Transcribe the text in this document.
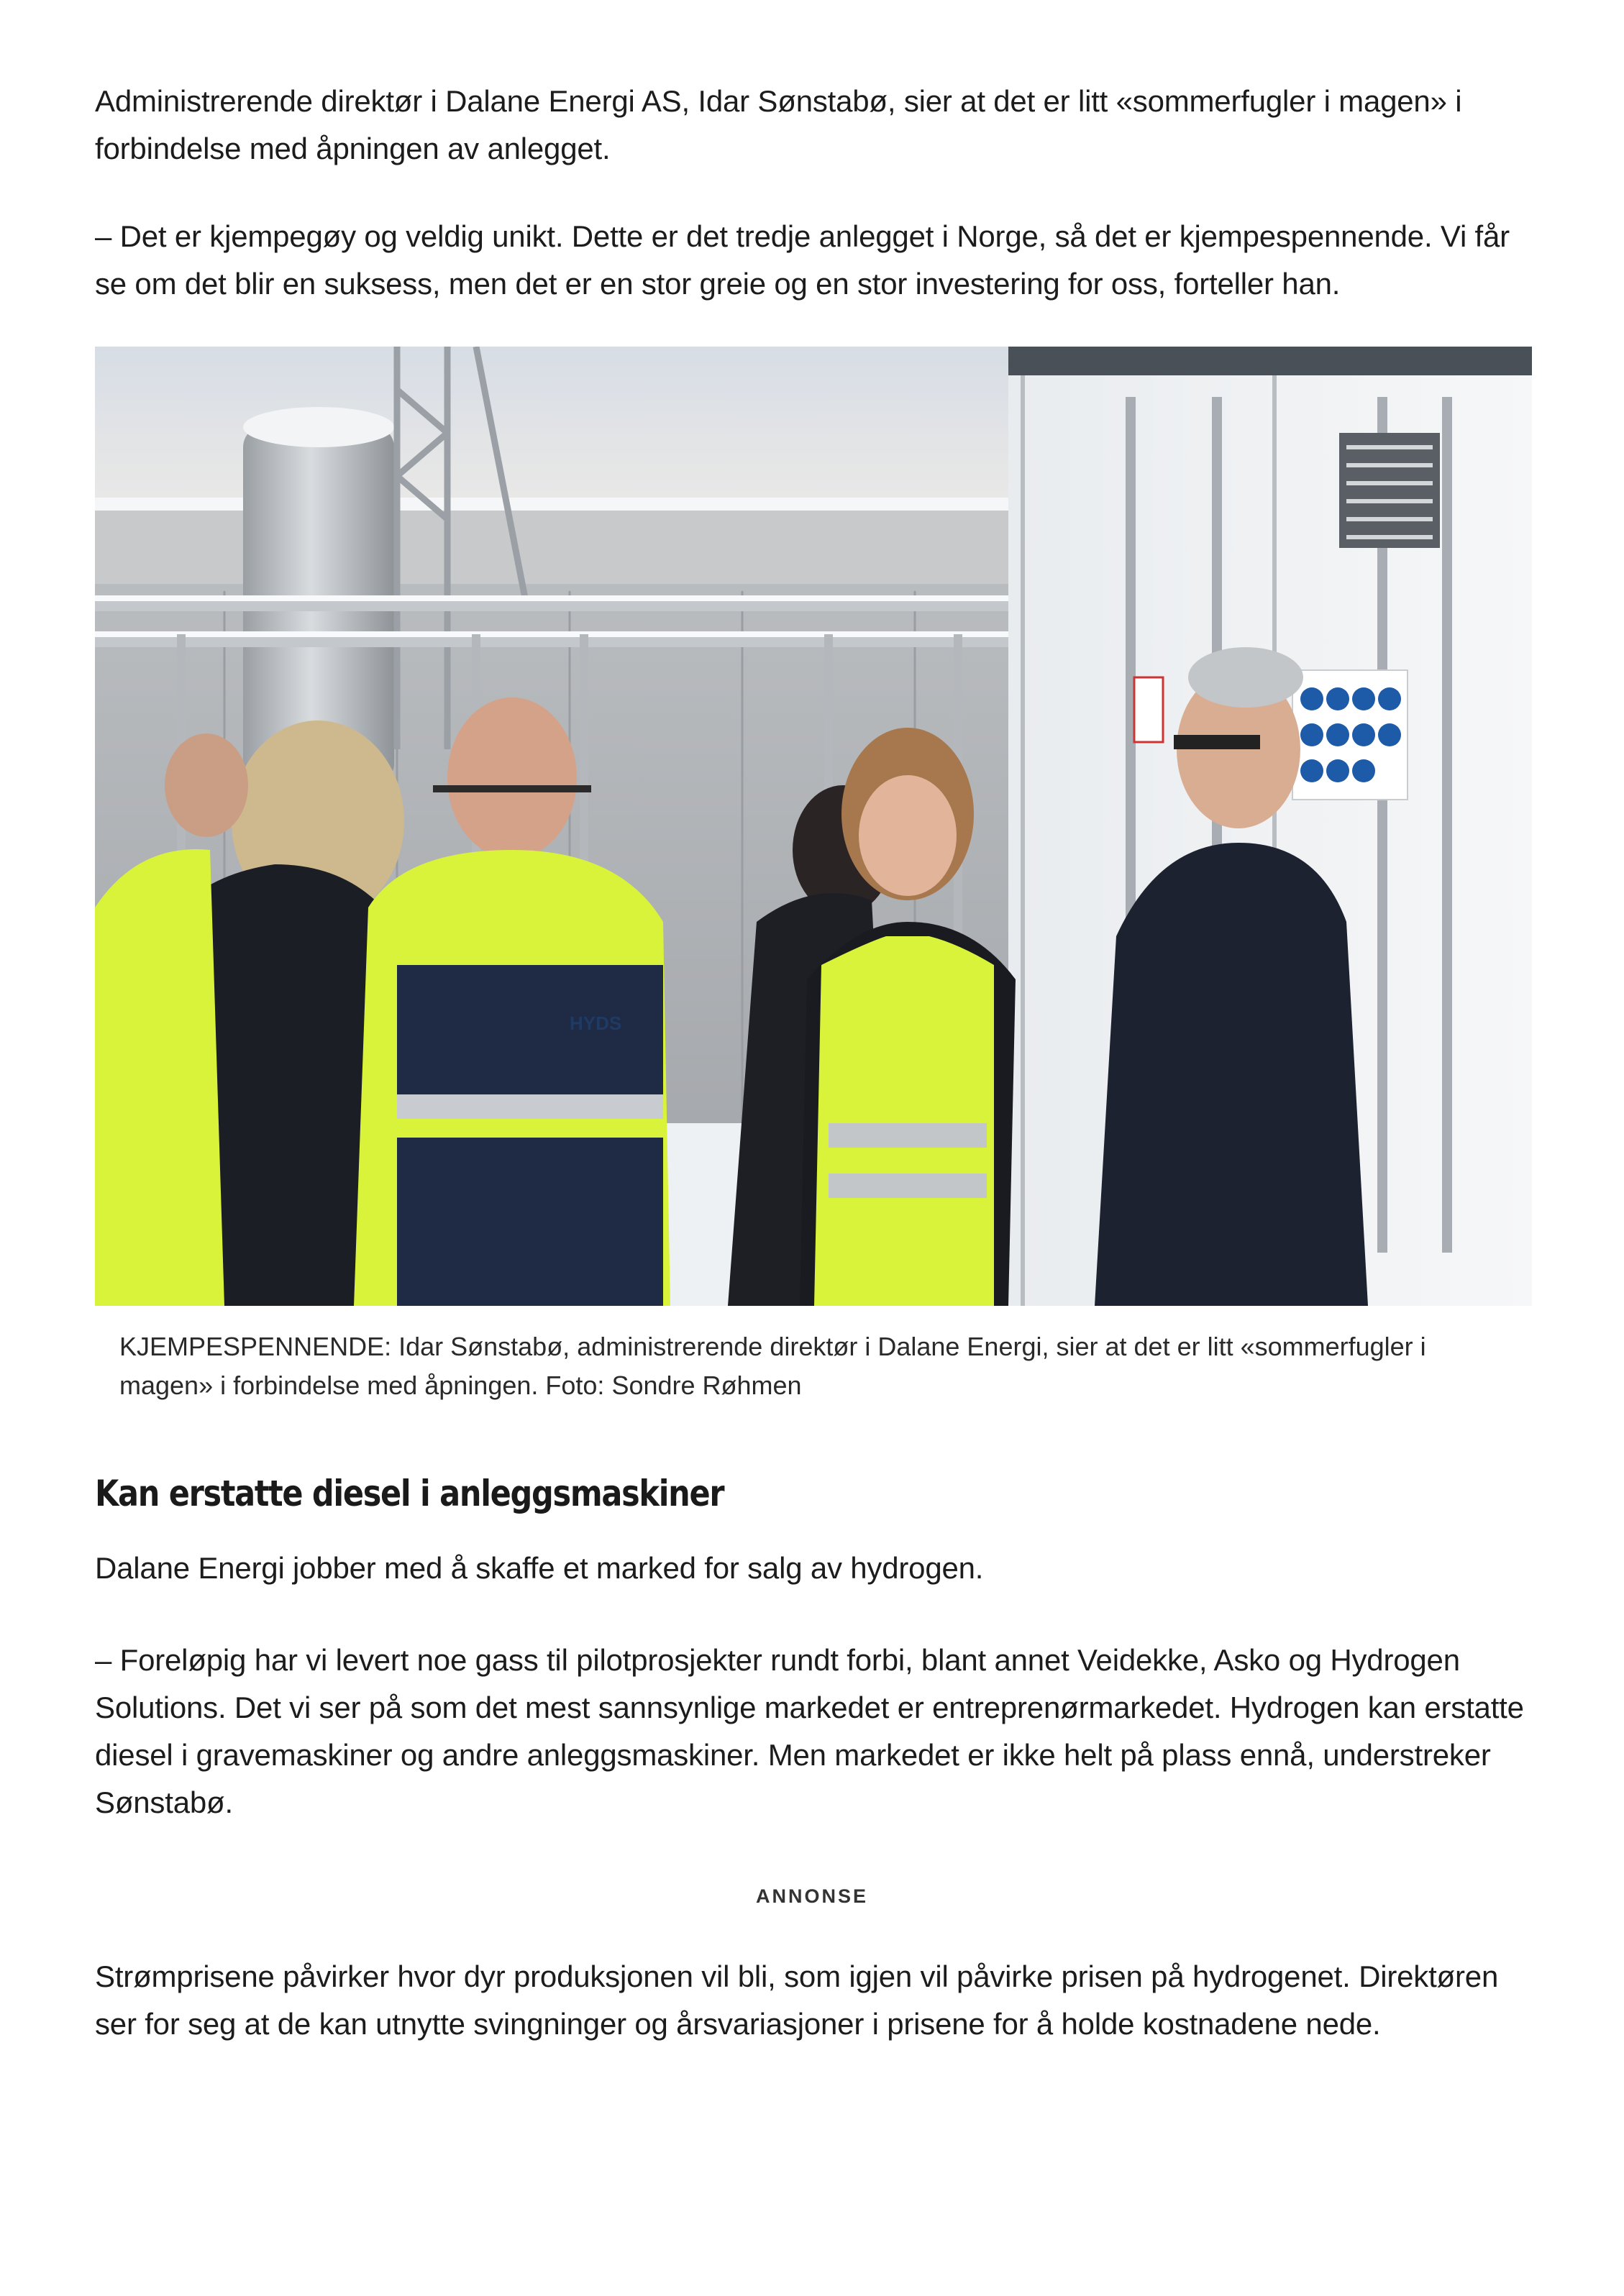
Administrerende direktør i Dalane Energi AS, Idar Sønstabø, sier at det er litt «sommerfugler i magen» i forbindelse med åpningen av anlegget.

– Det er kjempegøy og veldig unikt. Dette er det tredje anlegget i Norge, så det er kjempespennende. Vi får se om det blir en suksess, men det er en stor greie og en stor investering for oss, forteller han.

HYDS

KJEMPESPENNENDE: Idar Sønstabø, administrerende direktør i Dalane Energi, sier at det er litt «sommerfugler i magen» i forbindelse med åpningen. Foto: Sondre Røhmen

Kan erstatte diesel i anleggsmaskiner

Dalane Energi jobber med å skaffe et marked for salg av hydrogen.

– Foreløpig har vi levert noe gass til pilotprosjekter rundt forbi, blant annet Veidekke, Asko og Hydrogen Solutions. Det vi ser på som det mest sannsynlige markedet er entreprenørmarkedet. Hydrogen kan erstatte diesel i gravemaskiner og andre anleggsmaskiner. Men markedet er ikke helt på plass ennå, understreker Sønstabø.

ANNONSE

Strømprisene påvirker hvor dyr produksjonen vil bli, som igjen vil påvirke prisen på hydrogenet. Direktøren ser for seg at de kan utnytte svingninger og årsvariasjoner i prisene for å holde kostnadene nede.
